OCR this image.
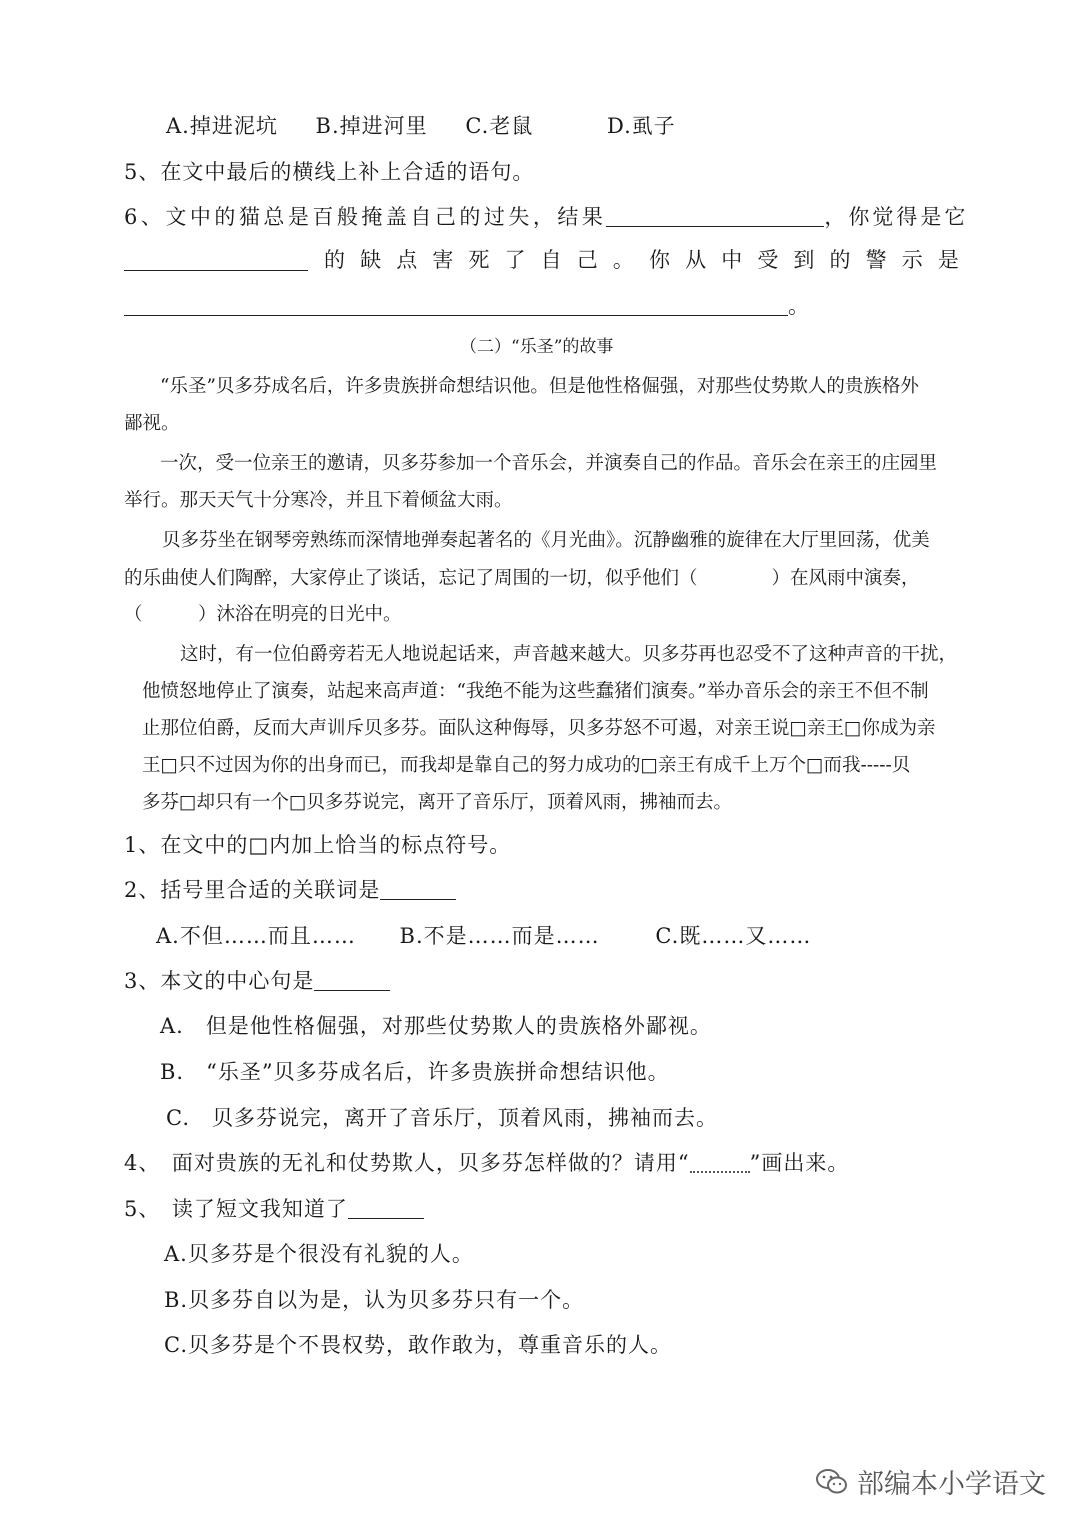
A.掉进泥坑 B.掉进河里 C.老鼠	D.虱子
5、在文中最后的横线上补上合适的语句。
6、文中的猫总是百般掩盖自己的过失，结果	，你觉得是它
的 缺 点 害 死 了 自 己 。 你 从 中 受 到 的 警 示 是
。
（二）“乐圣”的故事
“乐圣”贝多芬成名后，许多贵族拼命想结识他。但是他性格倔强，对那些仗势欺人的贵族格外
鄙视。
一次，受一位亲王的邀请，贝多芬参加一个音乐会，并演奏自己的作品。音乐会在亲王的庄园里
举行。那天天气十分寒冷，并且下着倾盆大雨。
贝多芬坐在钢琴旁熟练而深情地弹奏起著名的《月光曲》。沉静幽雅的旋律在大厅里回荡，优美
的乐曲使人们陶醉，大家停止了谈话，忘记了周围的一切，似乎他们（　　　　）在风雨中演奏，
（　　　）沐浴在明亮的日光中。
这时，有一位伯爵旁若无人地说起话来，声音越来越大。贝多芬再也忍受不了这种声音的干扰，
他愤怒地停止了演奏，站起来高声道：“我绝不能为这些蠢猪们演奏。”举办音乐会的亲王不但不制
止那位伯爵，反而大声训斥贝多芬。面队这种侮辱，贝多芬怒不可遏，对亲王说□亲王□你成为亲
王□只不过因为你的出身而已，而我却是靠自己的努力成功的□亲王有成千上万个□而我-----贝
多芬□却只有一个□贝多芬说完，离开了音乐厅，顶着风雨，拂袖而去。
1、在文中的□内加上恰当的标点符号。
2、括号里合适的关联词是
A.不但……而且…… B.不是……而是……	C.既……又……
3、本文的中心句是
A.　但是他性格倔强，对那些仗势欺人的贵族格外鄙视。
B.　“乐圣”贝多芬成名后，许多贵族拼命想结识他。
C.　贝多芬说完，离开了音乐厅，顶着风雨，拂袖而去。
4、　面对贵族的无礼和仗势欺人，贝多芬怎样做的？请用“	”画出来。
5、　读了短文我知道了
A.贝多芬是个很没有礼貌的人。
B.贝多芬自以为是，认为贝多芬只有一个。
C.贝多芬是个不畏权势，敢作敢为，尊重音乐的人。
部编本小学语文
